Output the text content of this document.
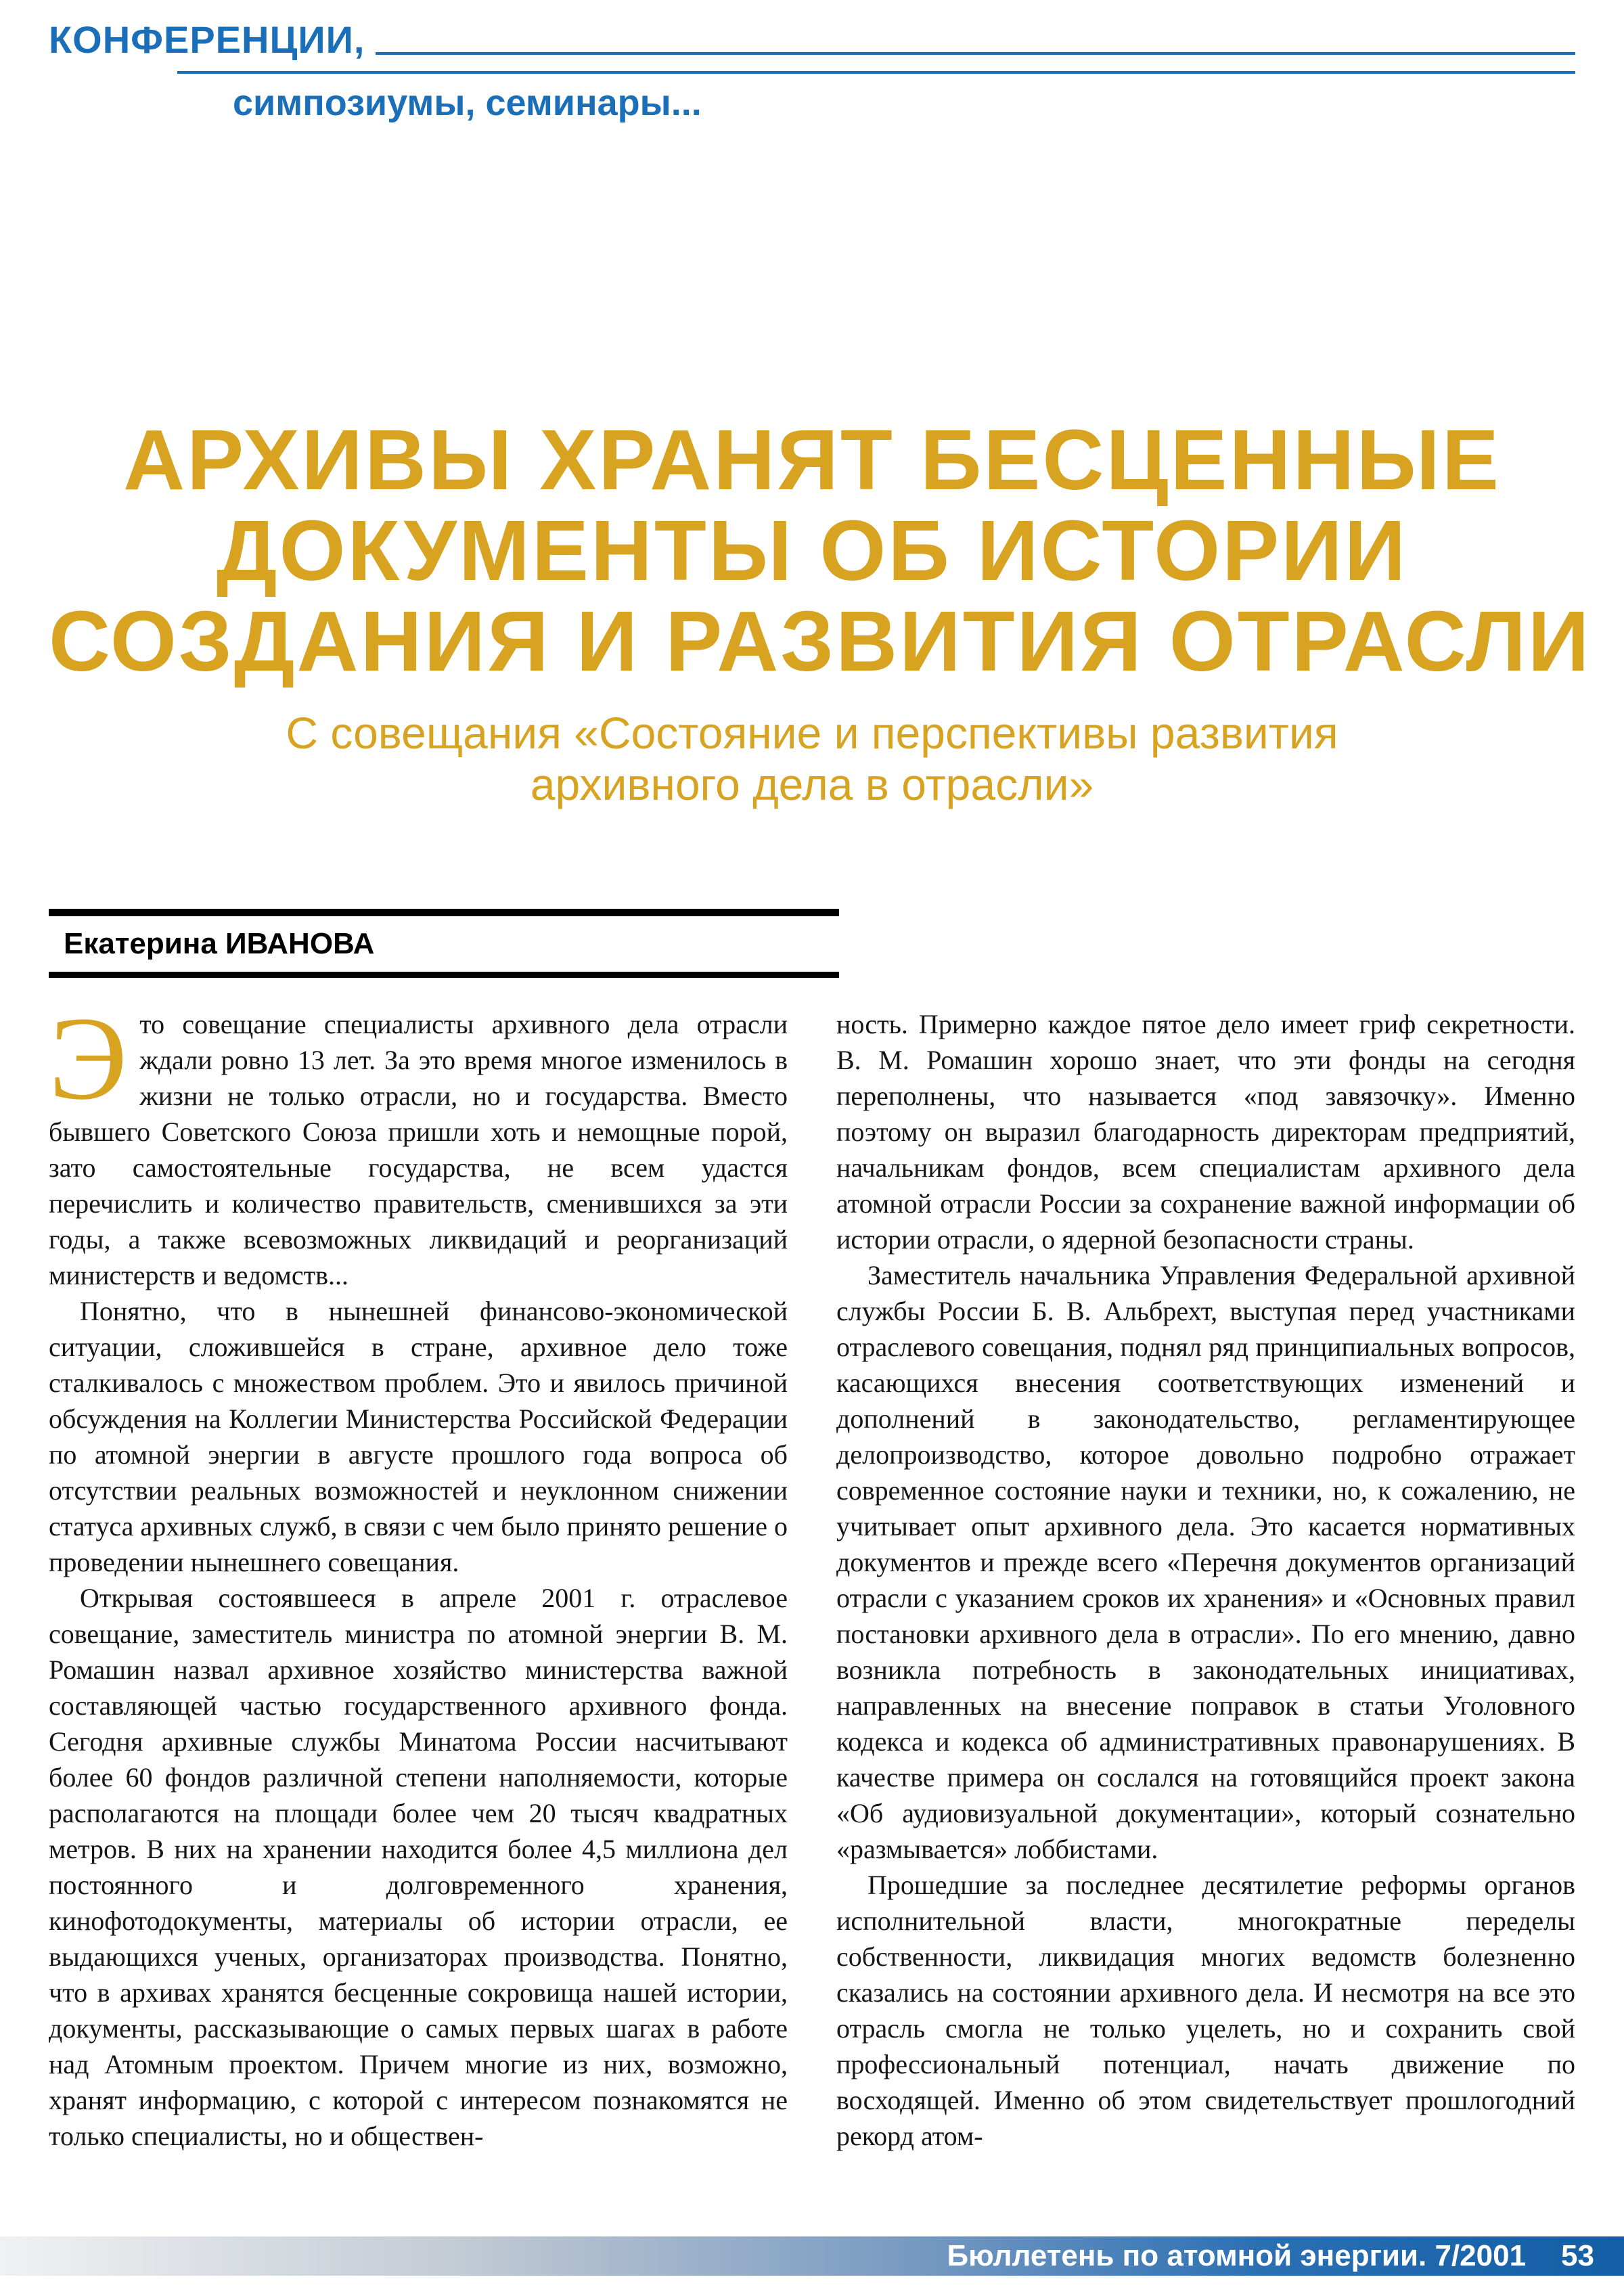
КОНФЕРЕНЦИИ,
симпозиумы, семинары...
АРХИВЫ ХРАНЯТ БЕСЦЕННЫЕ
ДОКУМЕНТЫ ОБ ИСТОРИИ
СОЗДАНИЯ И РАЗВИТИЯ ОТРАСЛИ
С совещания «Состояние и перспективы развития архивного дела в отрасли»
Екатерина ИВАНОВА

Это совещание специалисты архивного дела отрасли ждали ровно 13 лет. За это время многое изменилось в жизни не только отрасли, но и государства. Вместо бывшего Советского Союза пришли хоть и немощные порой, зато самостоятельные государства, не всем удастся перечислить и количество правительств, сменившихся за эти годы, а также всевозможных ликвидаций и реорганизаций министерств и ведомств...

Понятно, что в нынешней финансово-экономической ситуации, сложившейся в стране, архивное дело тоже сталкивалось с множеством проблем. Это и явилось причиной обсуждения на Коллегии Министерства Российской Федерации по атомной энергии в августе прошлого года вопроса об отсутствии реальных возможностей и неуклонном снижении статуса архивных служб, в связи с чем было принято решение о проведении нынешнего совещания.

Открывая состоявшееся в апреле 2001 г. отраслевое совещание, заместитель министра по атомной энергии В. М. Ромашин назвал архивное хозяйство министерства важной составляющей частью государственного архивного фонда. Сегодня архивные службы Минатома России насчитывают более 60 фондов различной степени наполняемости, которые располагаются на площади более чем 20 тысяч квадратных метров. В них на хранении находится более 4,5 миллиона дел постоянного и долговременного хранения, кинофотодокументы, материалы об истории отрасли, ее выдающихся ученых, организаторах производства. Понятно, что в архивах хранятся бесценные сокровища нашей истории, документы, рассказывающие о самых первых шагах в работе над Атомным проектом. Причем многие из них, возможно, хранят информацию, с которой с интересом познакомятся не только специалисты, но и обществен-

ность. Примерно каждое пятое дело имеет гриф секретности. В. М. Ромашин хорошо знает, что эти фонды на сегодня переполнены, что называется «под завязочку». Именно поэтому он выразил благодарность директорам предприятий, начальникам фондов, всем специалистам архивного дела атомной отрасли России за сохранение важной информации об истории отрасли, о ядерной безопасности страны.

Заместитель начальника Управления Федеральной архивной службы России Б. В. Альбрехт, выступая перед участниками отраслевого совещания, поднял ряд принципиальных вопросов, касающихся внесения соответствующих изменений и дополнений в законодательство, регламентирующее делопроизводство, которое довольно подробно отражает современное состояние науки и техники, но, к сожалению, не учитывает опыт архивного дела. Это касается нормативных документов и прежде всего «Перечня документов организаций отрасли с указанием сроков их хранения» и «Основных правил постановки архивного дела в отрасли». По его мнению, давно возникла потребность в законодательных инициативах, направленных на внесение поправок в статьи Уголовного кодекса и кодекса об административных правонарушениях. В качестве примера он сослался на готовящийся проект закона «Об аудиовизуальной документации», который сознательно «размывается» лоббистами.

Прошедшие за последнее десятилетие реформы органов исполнительной власти, многократные переделы собственности, ликвидация многих ведомств болезненно сказались на состоянии архивного дела. И несмотря на все это отрасль смогла не только уцелеть, но и сохранить свой профессиональный потенциал, начать движение по восходящей. Именно об этом свидетельствует прошлогодний рекорд атом-

Бюллетень по атомной энергии. 7/2001 53
